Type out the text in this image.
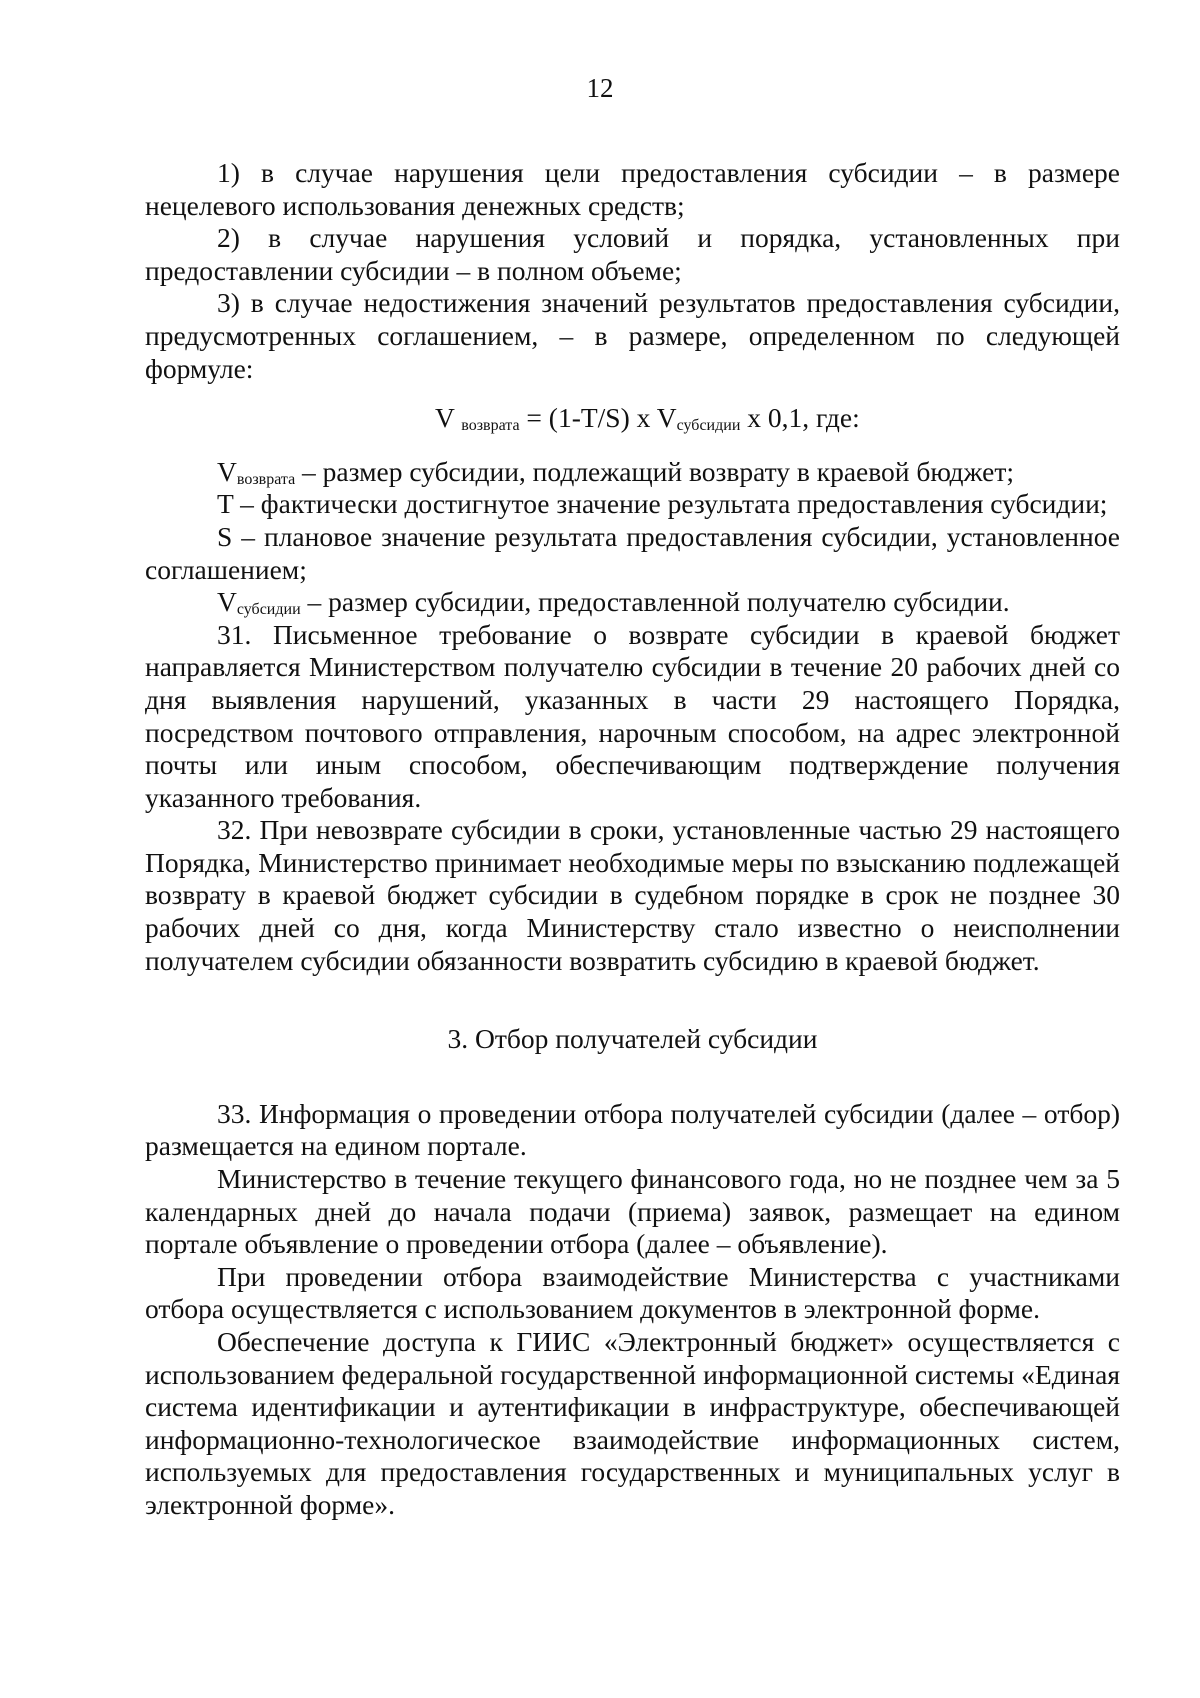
12

1) в случае нарушения цели предоставления субсидии – в размере нецелевого использования денежных средств;

2) в случае нарушения условий и порядка, установленных при предоставлении субсидии – в полном объеме;

3) в случае недостижения значений результатов предоставления субсидии, предусмотренных соглашением, – в размере, определенном по следующей формуле:

V $_{возврата}$ = (1-T/S) x $V_{субсидии}$ x 0,1, где:

$V_{возврата}$ – размер субсидии, подлежащий возврату в краевой бюджет;

T – фактически достигнутое значение результата предоставления субсидии;

S – плановое значение результата предоставления субсидии, установленное соглашением;

$V_{субсидии}$ – размер субсидии, предоставленной получателю субсидии.

31. Письменное требование о возврате субсидии в краевой бюджет направляется Министерством получателю субсидии в течение 20 рабочих дней со дня выявления нарушений, указанных в части 29 настоящего Порядка, посредством почтового отправления, нарочным способом, на адрес электронной почты или иным способом, обеспечивающим подтверждение получения указанного требования.

32. При невозврате субсидии в сроки, установленные частью 29 настоящего Порядка, Министерство принимает необходимые меры по взысканию подлежащей возврату в краевой бюджет субсидии в судебном порядке в срок не позднее 30 рабочих дней со дня, когда Министерству стало известно о неисполнении получателем субсидии обязанности возвратить субсидию в краевой бюджет.

3. Отбор получателей субсидии

33. Информация о проведении отбора получателей субсидии (далее – отбор) размещается на едином портале.

Министерство в течение текущего финансового года, но не позднее чем за 5 календарных дней до начала подачи (приема) заявок, размещает на едином портале объявление о проведении отбора (далее – объявление).

При проведении отбора взаимодействие Министерства с участниками отбора осуществляется с использованием документов в электронной форме.

Обеспечение доступа к ГИИС «Электронный бюджет» осуществляется с использованием федеральной государственной информационной системы «Единая система идентификации и аутентификации в инфраструктуре, обеспечивающей информационно-технологическое взаимодействие информационных систем, используемых для предоставления государственных и муниципальных услуг в электронной форме».
